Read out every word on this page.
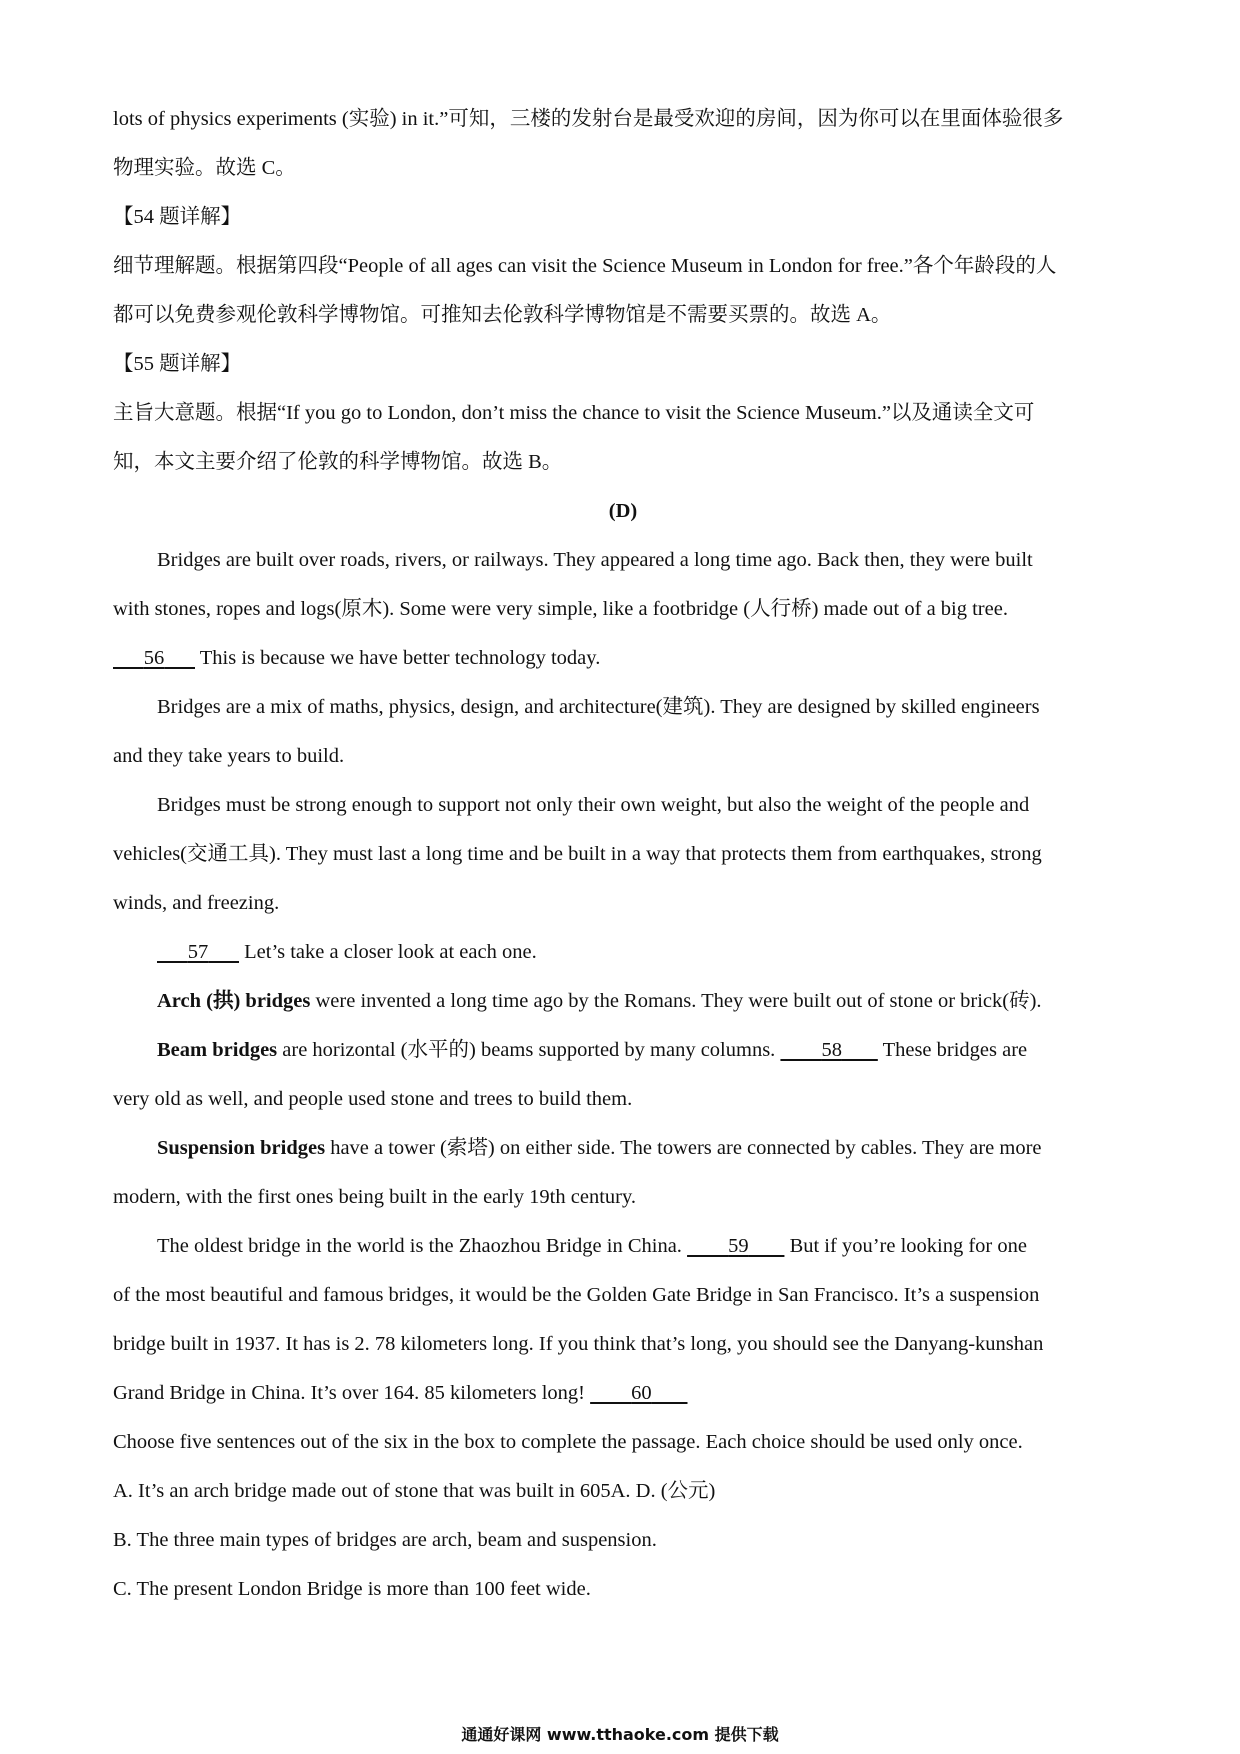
lots of physics experiments (实验) in it.”可知，三楼的发射台是最受欢迎的房间，因为你可以在里面体验很多

物理实验。故选 C。

【54 题详解】

细节理解题。根据第四段“People of all ages can visit the Science Museum in London for free.”各个年龄段的人

都可以免费参观伦敦科学博物馆。可推知去伦敦科学博物馆是不需要买票的。故选 A。

【55 题详解】

主旨大意题。根据“If you go to London, don’t miss the chance to visit the Science Museum.”以及通读全文可

知，本文主要介绍了伦敦的科学博物馆。故选 B。

(D)

Bridges are built over roads, rivers, or railways. They appeared a long time ago. Back then, they were built

with stones, ropes and logs(原木). Some were very simple, like a footbridge (人行桥) made out of a big tree.

56       This is because we have better technology today.

Bridges are a mix of maths, physics, design, and architecture(建筑). They are designed by skilled engineers

and they take years to build.

Bridges must be strong enough to support not only their own weight, but also the weight of the people and

vehicles(交通工具). They must last a long time and be built in a way that protects them from earthquakes, strong

winds, and freezing.

57       Let’s take a closer look at each one.

Arch (拱) bridges were invented a long time ago by the Romans. They were built out of stone or brick(砖).

Beam bridges are horizontal (水平的) beams supported by many columns.         58        These bridges are

very old as well, and people used stone and trees to build them.

Suspension bridges have a tower (索塔) on either side. The towers are connected by cables. They are more

modern, with the first ones being built in the early 19th century.

The oldest bridge in the world is the Zhaozhou Bridge in China.         59        But if you’re looking for one

of the most beautiful and famous bridges, it would be the Golden Gate Bridge in San Francisco. It’s a suspension

bridge built in 1937. It has is 2. 78 kilometers long. If you think that’s long, you should see the Danyang-kunshan

Grand Bridge in China. It’s over 164. 85 kilometers long!         60

Choose five sentences out of the six in the box to complete the passage. Each choice should be used only once.

A. It’s an arch bridge made out of stone that was built in 605A. D. (公元)

B. The three main types of bridges are arch, beam and suspension.

C. The present London Bridge is more than 100 feet wide.

通通好课网 www.tthaoke.com 提供下载
